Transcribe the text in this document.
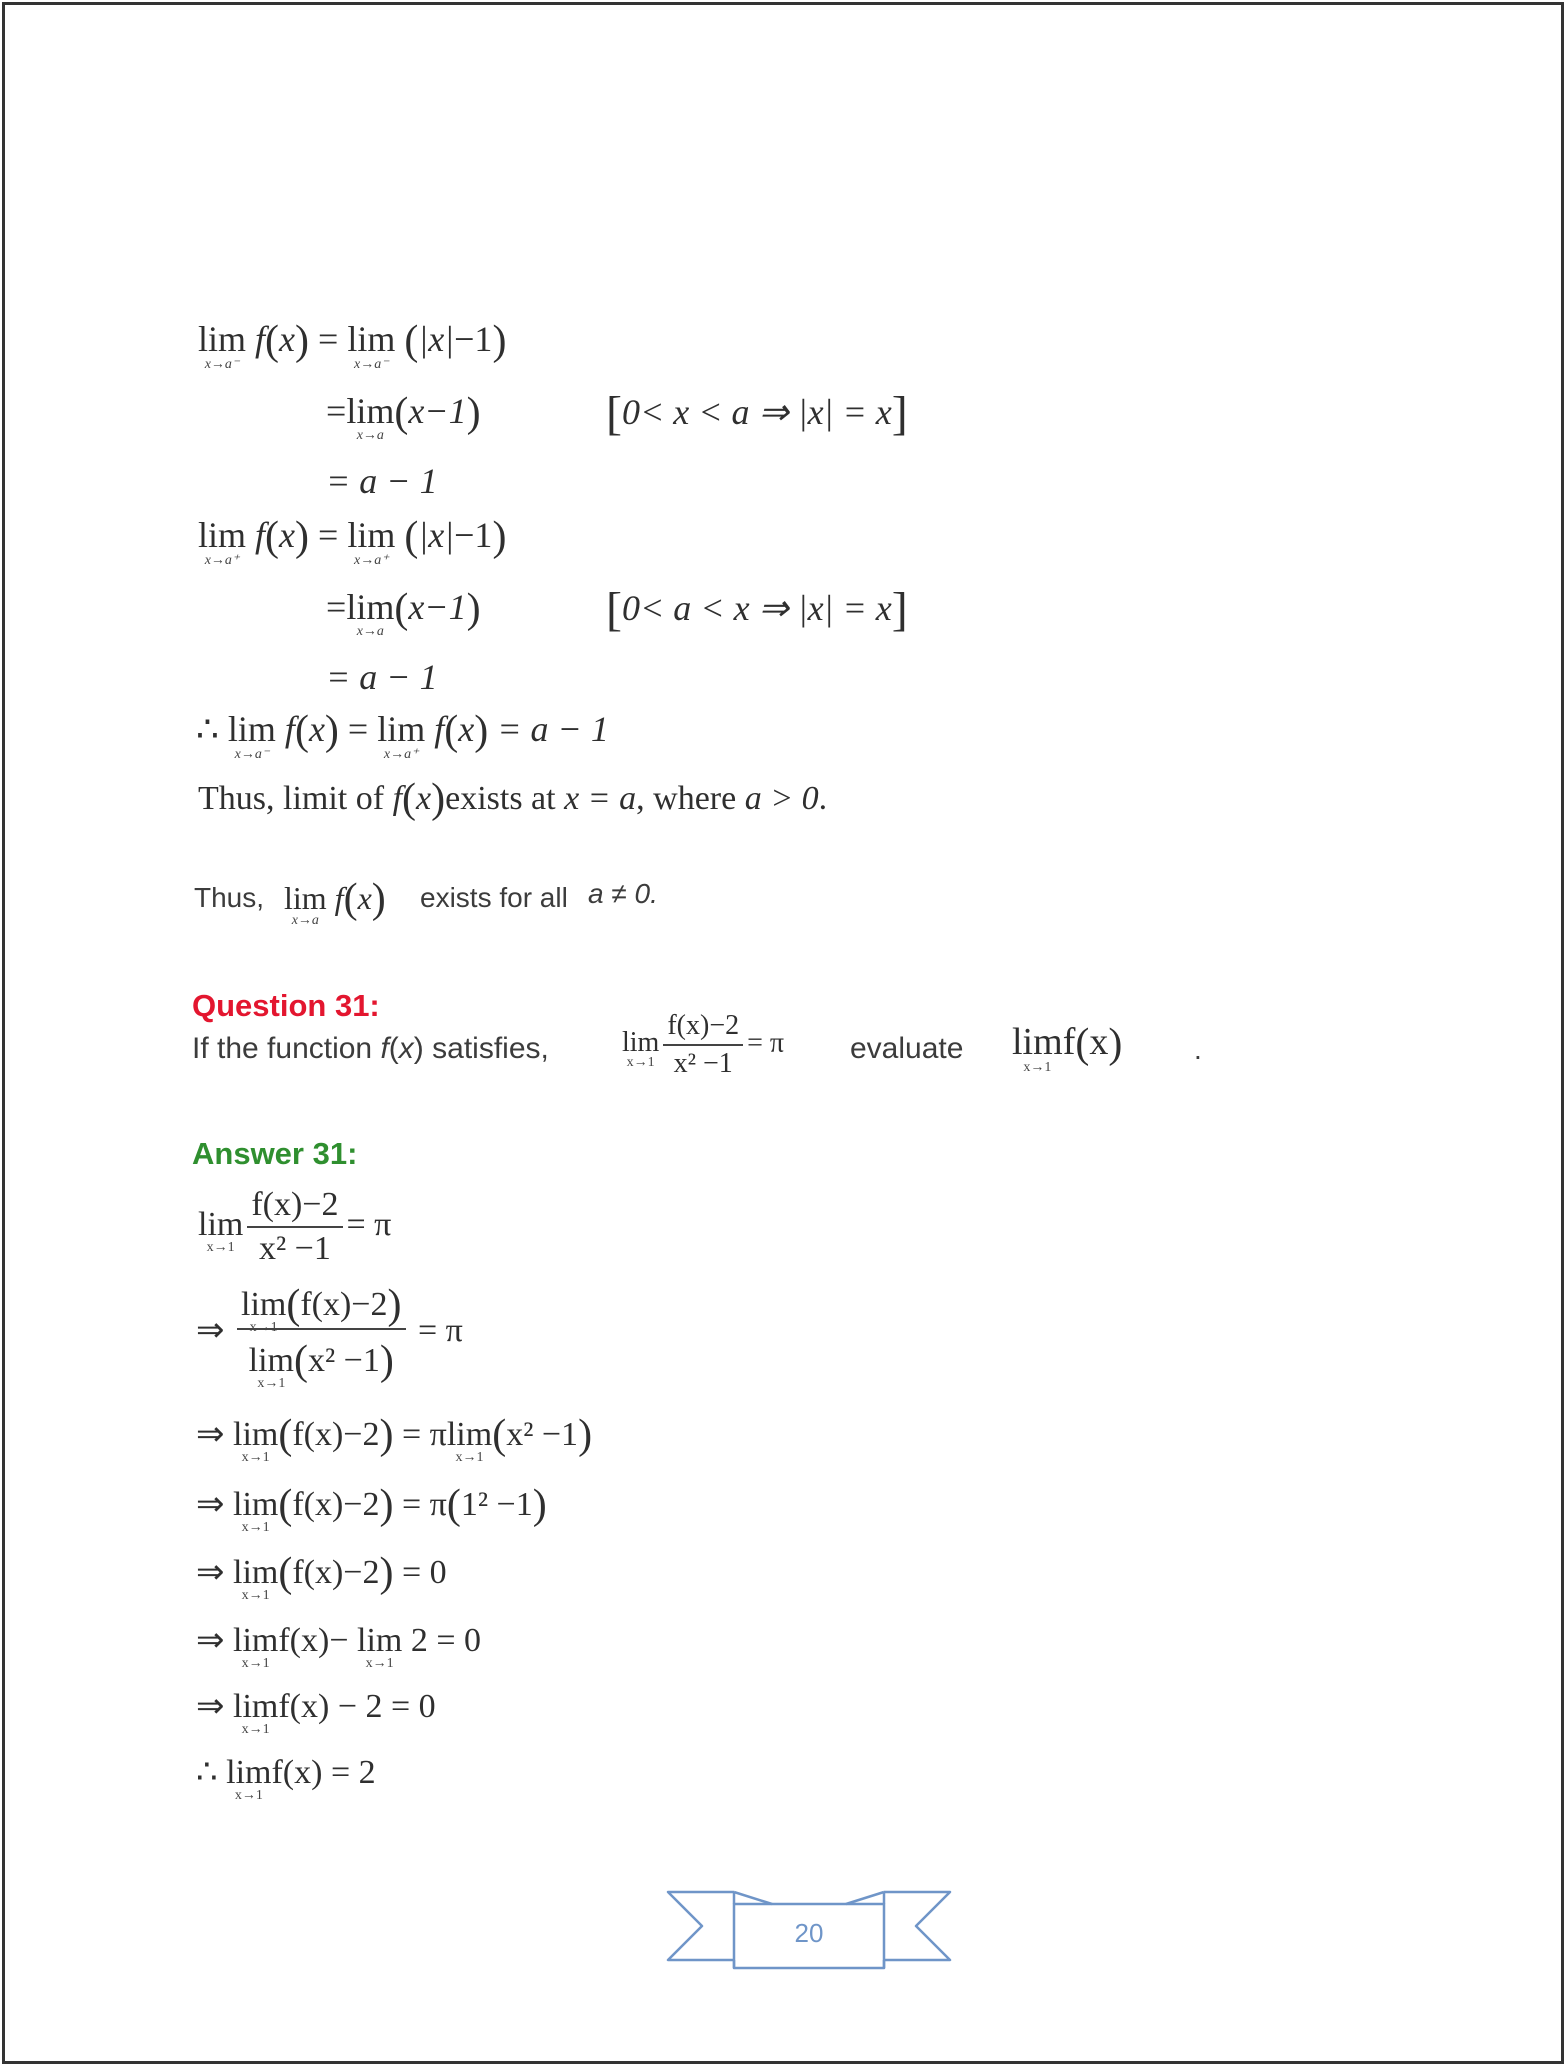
lim
x→a⁻
f(x) = lim
x→a⁻
(|x|−1)
=lim
x→a (x−1)	[0< x < a ⇒ |x| = x]
= a − 1
lim
x→a⁺
f(x) = lim
x→a⁺
(|x|−1)
=lim
x→a (x−1)	[0< a < x ⇒ |x| = x]
= a − 1
∴ lim
x→a⁻
f(x) = lim
x→a⁺
f(x) = a − 1
Thus, limit of f(x)exists at x = a, where a > 0.
Thus, lim
x→a
f(x) exists for all a ≠ 0.
Question 31:
If the function f(x) satisfies,	lim
$x\to 1 \frac{f(x)-2}{\text{x² −1}} = \pi$ evaluate lim
x→1
f(x)	.
Answer 31:
lim
$x\to 1 \frac{f(x)-2}{\text{x² −1}} = \pi$
⇒ lim
x→1 (f(x)−2)
lim
x→1 (x² −1) = π
⇒ lim
x→1 (f(x)−2) = πlim
x→1 (x² −1)
⇒ lim
x→1 (f(x)−2) = π(1² −1)
⇒ lim
x→1 (f(x)−2) = 0
⇒ lim
x→1
f(x)− lim
x→1
2 = 0
⇒ lim
x→1
f(x) − 2 = 0
∴ lim
x→1
f(x) = 2
20
